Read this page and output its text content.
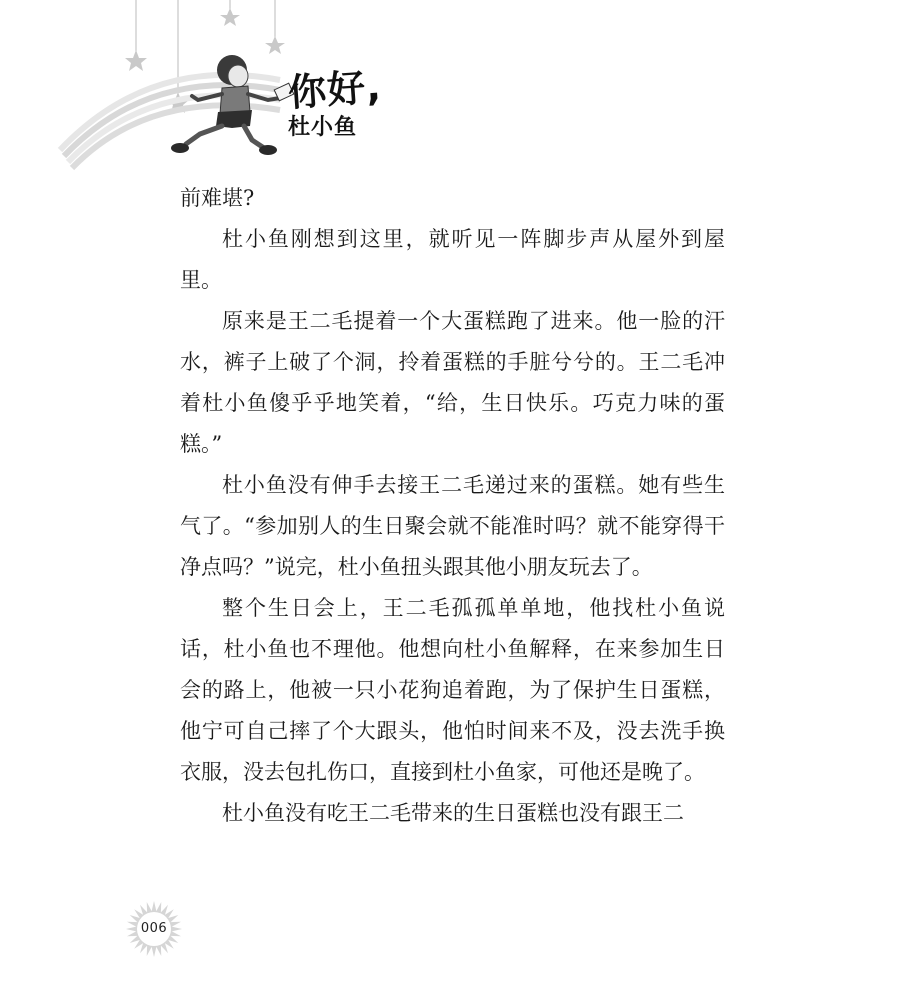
你好,
杜小鱼

前难堪?

杜小鱼刚想到这里，就听见一阵脚步声从屋外到屋里。

原来是王二毛提着一个大蛋糕跑了进来。他一脸的汗水，裤子上破了个洞，拎着蛋糕的手脏兮兮的。王二毛冲着杜小鱼傻乎乎地笑着，“给，生日快乐。巧克力味的蛋糕。”

杜小鱼没有伸手去接王二毛递过来的蛋糕。她有些生气了。“参加别人的生日聚会就不能准时吗？就不能穿得干净点吗？”说完，杜小鱼扭头跟其他小朋友玩去了。

整个生日会上，王二毛孤孤单单地，他找杜小鱼说话，杜小鱼也不理他。他想向杜小鱼解释，在来参加生日会的路上，他被一只小花狗追着跑，为了保护生日蛋糕，他宁可自己摔了个大跟头，他怕时间来不及，没去洗手换衣服，没去包扎伤口，直接到杜小鱼家，可他还是晚了。

杜小鱼没有吃王二毛带来的生日蛋糕也没有跟王二

006
